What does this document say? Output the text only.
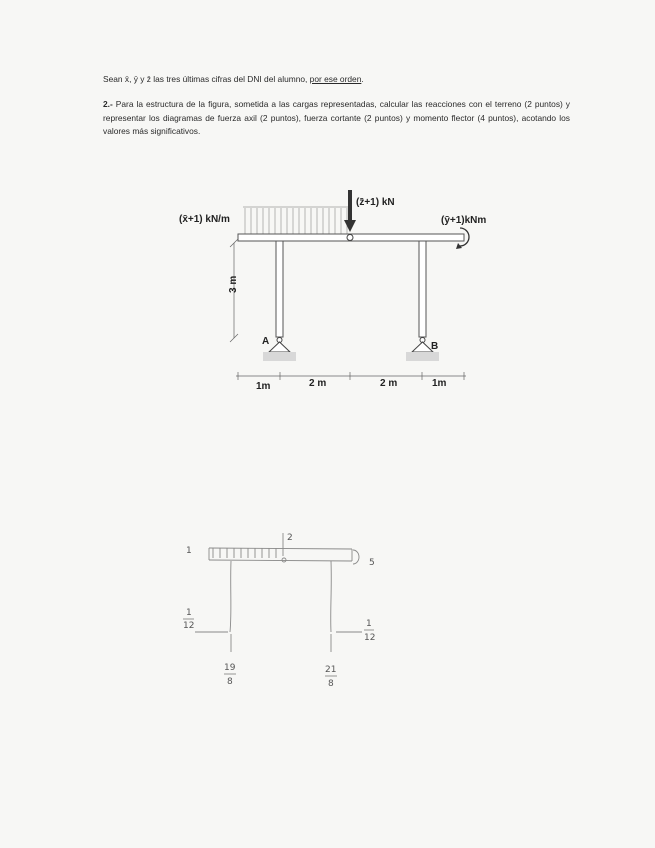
Sean x̄, ȳ y z̄ las tres últimas cifras del DNI del alumno, por ese orden.
2.- Para la estructura de la figura, sometida a las cargas representadas, calcular las reacciones con el terreno (2 puntos) y representar los diagramas de fuerza axil (2 puntos), fuerza cortante (2 puntos) y momento flector (4 puntos), acotando los valores más significativos.
3 m
1m	2 m	2 m	1m
(x̄+1) kN/m
(z̄+1) kN
(ȳ+1)kNm
A	B
1
2
5
1
12	1
12
19
8
21
8
